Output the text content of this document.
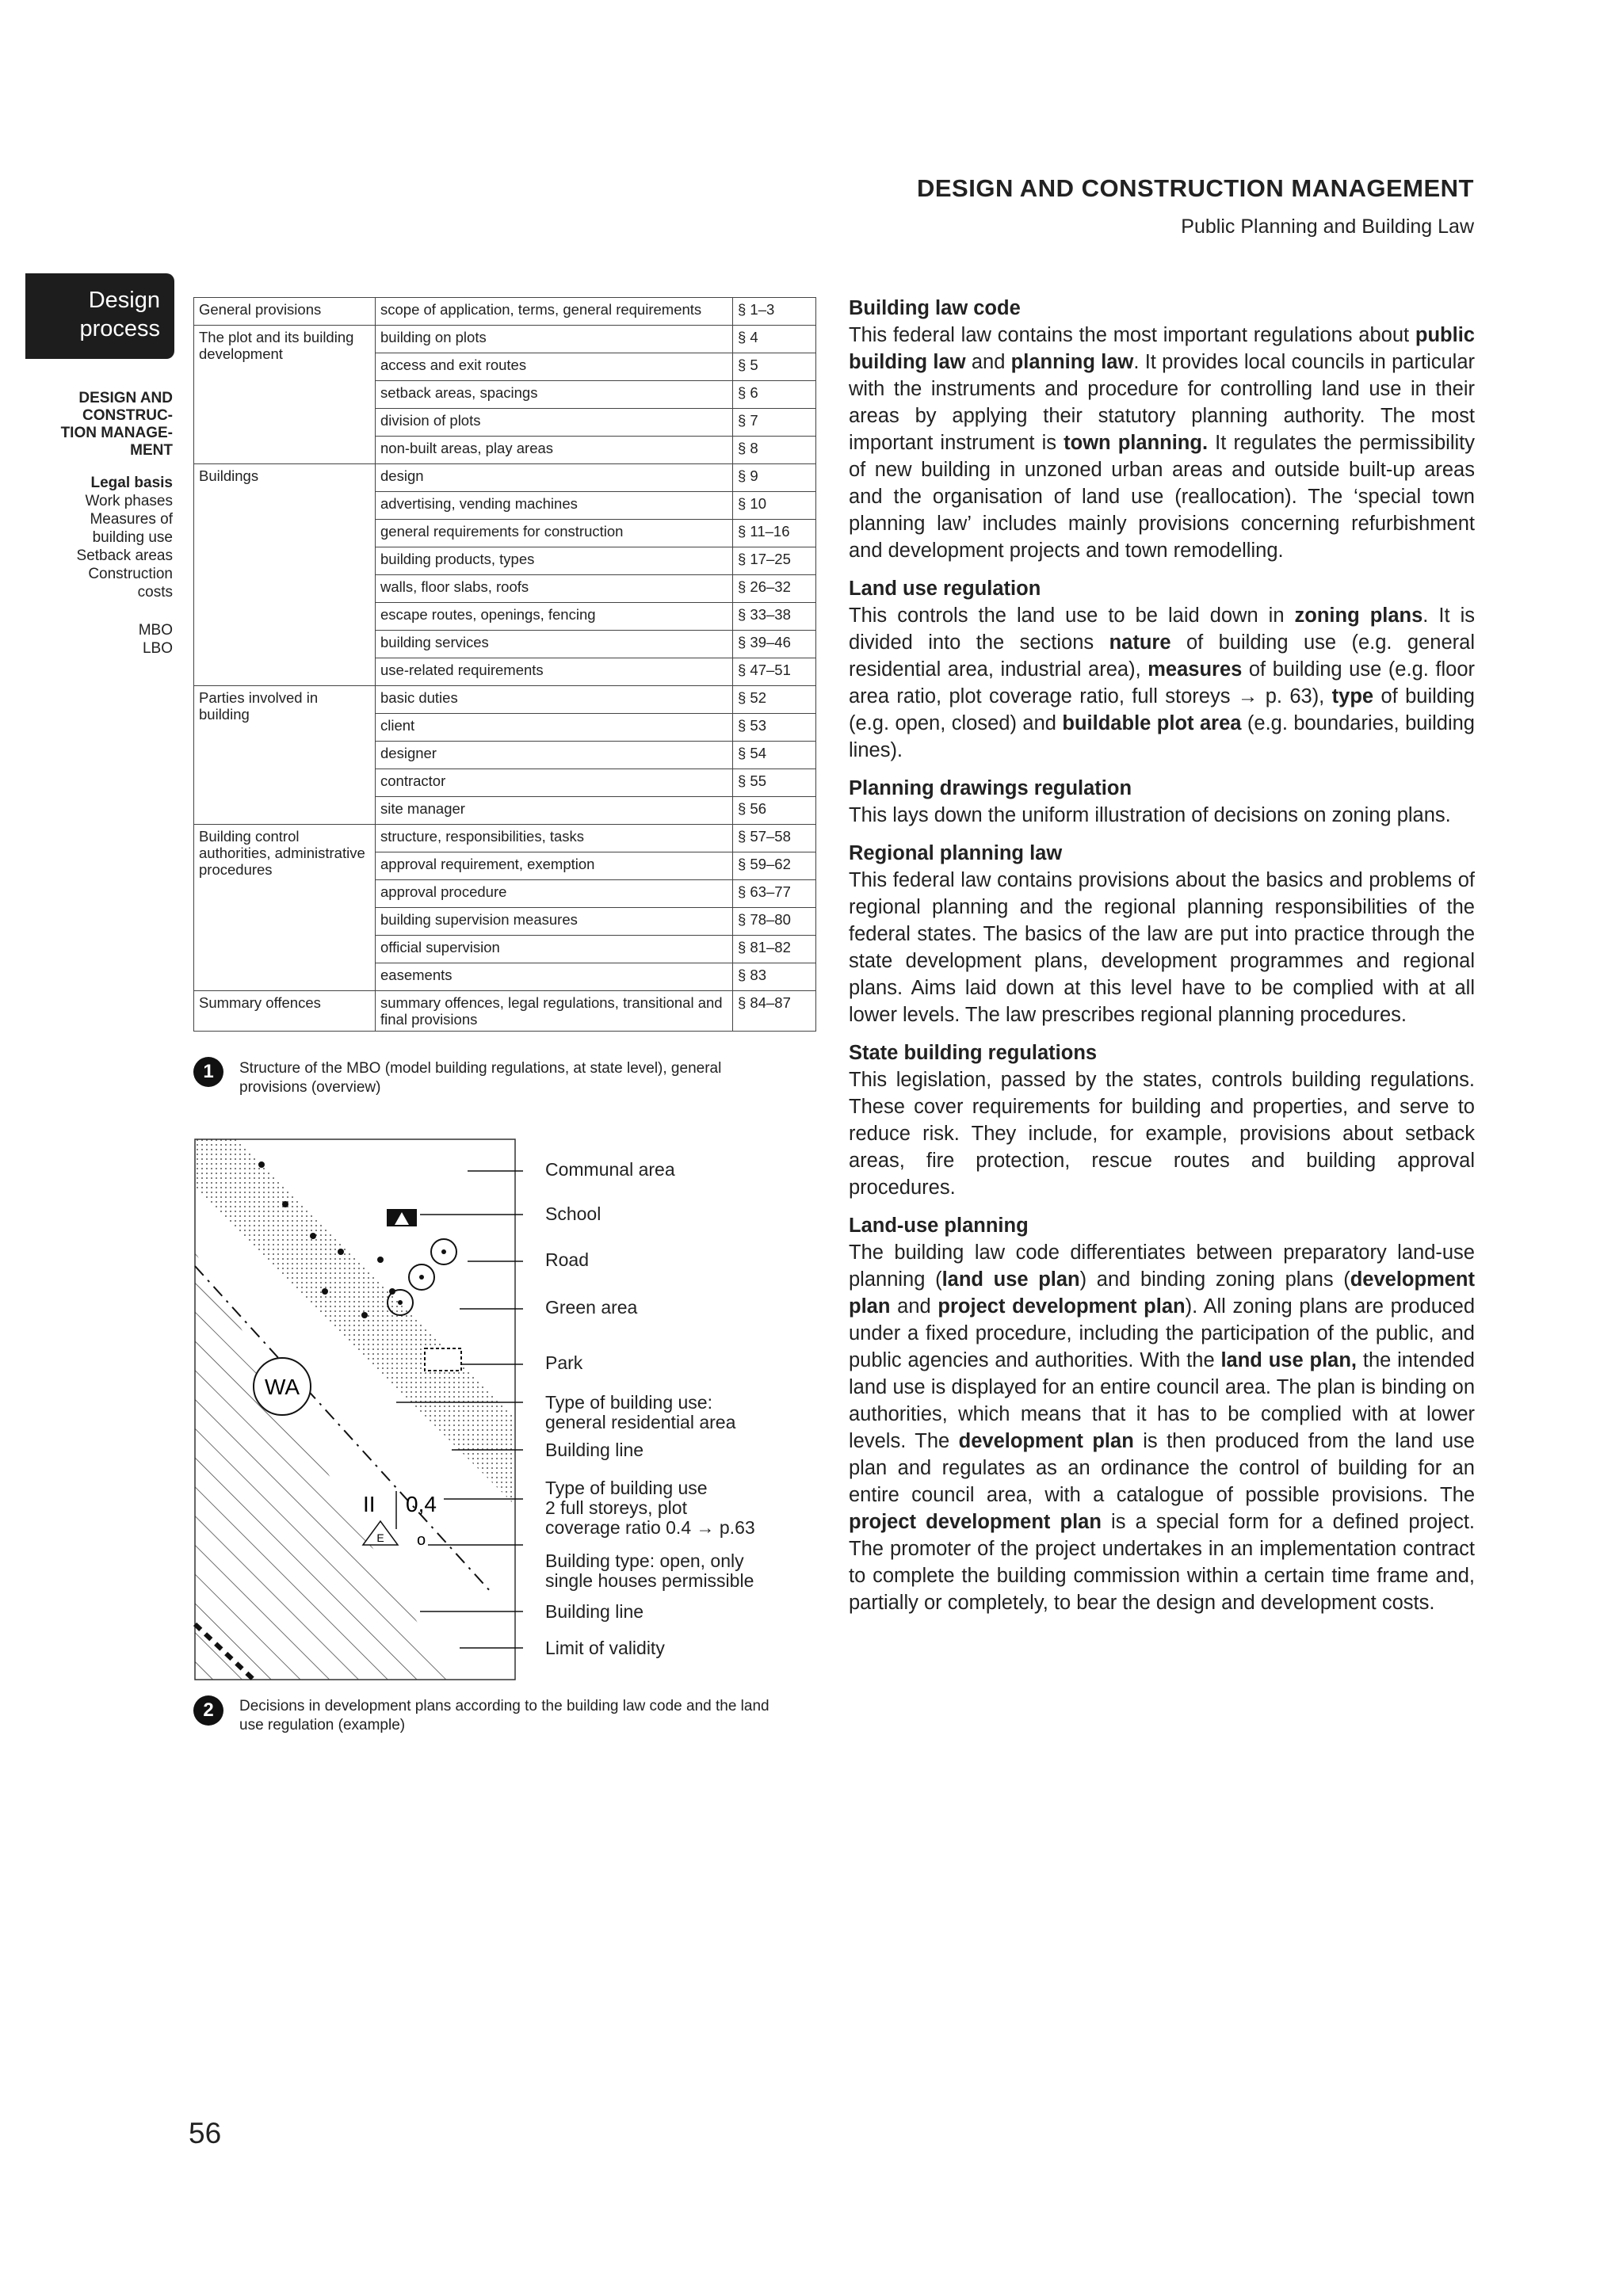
DESIGN AND CONSTRUCTION MANAGEMENT
Public Planning and Building Law
Design
process
DESIGN AND
CONSTRUC-
TION MANAGE-
MENT
Legal basis
Work phases
Measures of
building use
Setback areas
Construction
costs
MBO
LBO
General provisions	scope of application, terms, general requirements	§ 1–3
The plot and its building development	building on plots	§ 4
	access and exit routes	§ 5
	setback areas, spacings	§ 6
	division of plots	§ 7
	non-built areas, play areas	§ 8
Buildings	design	§ 9
	advertising, vending machines	§ 10
	general requirements for construction	§ 11–16
	building products, types	§ 17–25
	walls, floor slabs, roofs	§ 26–32
	escape routes, openings, fencing	§ 33–38
	building services	§ 39–46
	use-related requirements	§ 47–51
Parties involved in building	basic duties	§ 52
	client	§ 53
	designer	§ 54
	contractor	§ 55
	site manager	§ 56
Building control authorities, administrative procedures	structure, responsibilities, tasks	§ 57–58
	approval requirement, exemption	§ 59–62
	approval procedure	§ 63–77
	building supervision measures	§ 78–80
	official supervision	§ 81–82
	easements	§ 83
Summary offences	summary offences, legal regulations, transitional and final provisions	§ 84–87
1	Structure of the MBO (model building regulations, at state level), general provisions (overview)
WA
II 0,4
E o
Communal area
School
Road
Green area
Park
Type of building use:
general residential area
Building line
Type of building use
2 full storeys, plot
coverage ratio 0.4 → p.63
Building type: open, only
single houses permissible
Building line
Limit of validity
2	Decisions in development plans according to the building law code and the land use regulation (example)
Building law code

This federal law contains the most important regulations about public building law and planning law. It provides local councils in particular with the instruments and procedure for controlling land use in their areas by applying their statutory planning authority. The most important instrument is town planning. It regulates the permissibility of new building in unzoned urban areas and outside built-up areas and the organisation of land use (reallocation). The ‘special town planning law’ includes mainly provisions concerning refurbishment and development projects and town remodelling.

Land use regulation

This controls the land use to be laid down in zoning plans. It is divided into the sections nature of building use (e.g. general residential area, industrial area), measures of building use (e.g. floor area ratio, plot coverage ratio, full storeys → p. 63), type of building (e.g. open, closed) and buildable plot area (e.g. boundaries, building lines).

Planning drawings regulation

This lays down the uniform illustration of decisions on zoning plans.

Regional planning law

This federal law contains provisions about the basics and problems of regional planning and the regional planning responsibilities of the federal states. The basics of the law are put into practice through the state development plans, development programmes and regional plans. Aims laid down at this level have to be complied with at all lower levels. The law prescribes regional planning procedures.

State building regulations

This legislation, passed by the states, controls building regulations. These cover requirements for building and properties, and serve to reduce risk. They include, for example, provisions about setback areas, fire protection, rescue routes and building approval procedures.

Land-use planning

The building law code differentiates between preparatory land-use planning (land use plan) and binding zoning plans (development plan and project development plan). All zoning plans are produced under a fixed procedure, including the participation of the public, and public agencies and authorities. With the land use plan, the intended land use is displayed for an entire council area. The plan is binding on authorities, which means that it has to be complied with at lower levels. The development plan is then produced from the land use plan and regulates as an ordinance the control of building for an entire council area, with a catalogue of possible provisions. The project development plan is a special form for a defined project. The promoter of the project undertakes in an implementation contract to complete the building commission within a certain time frame and, partially or completely, to bear the design and development costs.

56
